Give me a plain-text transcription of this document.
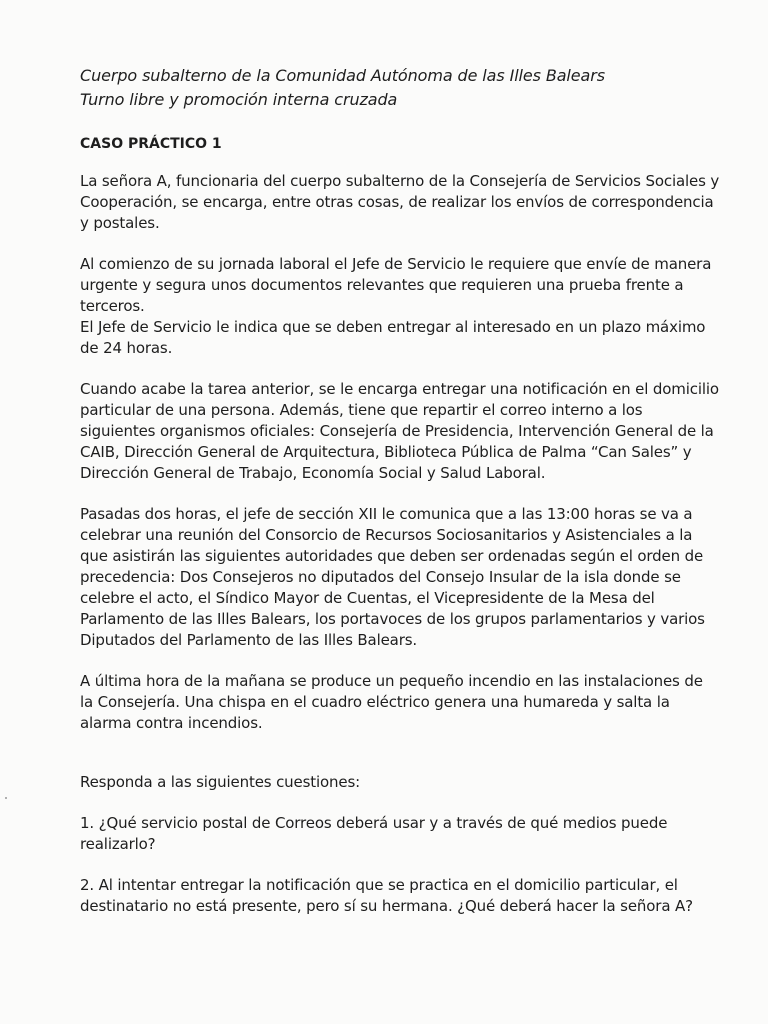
Cuerpo subalterno de la Comunidad Autónoma de las Illes Balears

Turno libre y promoción interna cruzada

CASO PRÁCTICO 1

La señora A, funcionaria del cuerpo subalterno de la Consejería de Servicios Sociales y Cooperación, se encarga, entre otras cosas, de realizar los envíos de correspondencia y postales.

Al comienzo de su jornada laboral el Jefe de Servicio le requiere que envíe de manera urgente y segura unos documentos relevantes que requieren una prueba frente a terceros.

El Jefe de Servicio le indica que se deben entregar al interesado en un plazo máximo de 24 horas.

Cuando acabe la tarea anterior, se le encarga entregar una notificación en el domicilio particular de una persona. Además, tiene que repartir el correo interno a los siguientes organismos oficiales: Consejería de Presidencia, Intervención General de la CAIB, Dirección General de Arquitectura, Biblioteca Pública de Palma “Can Sales” y Dirección General de Trabajo, Economía Social y Salud Laboral.

Pasadas dos horas, el jefe de sección XII le comunica que a las 13:00 horas se va a celebrar una reunión del Consorcio de Recursos Sociosanitarios y Asistenciales a la que asistirán las siguientes autoridades que deben ser ordenadas según el orden de precedencia: Dos Consejeros no diputados del Consejo Insular de la isla donde se celebre el acto, el Síndico Mayor de Cuentas, el Vicepresidente de la Mesa del Parlamento de las Illes Balears, los portavoces de los grupos parlamentarios y varios Diputados del Parlamento de las Illes Balears.

A última hora de la mañana se produce un pequeño incendio en las instalaciones de la Consejería. Una chispa en el cuadro eléctrico genera una humareda y salta la alarma contra incendios.

Responda a las siguientes cuestiones:

1. ¿Qué servicio postal de Correos deberá usar y a través de qué medios puede realizarlo?

2. Al intentar entregar la notificación que se practica en el domicilio particular, el destinatario no está presente, pero sí su hermana. ¿Qué deberá hacer la señora A?
